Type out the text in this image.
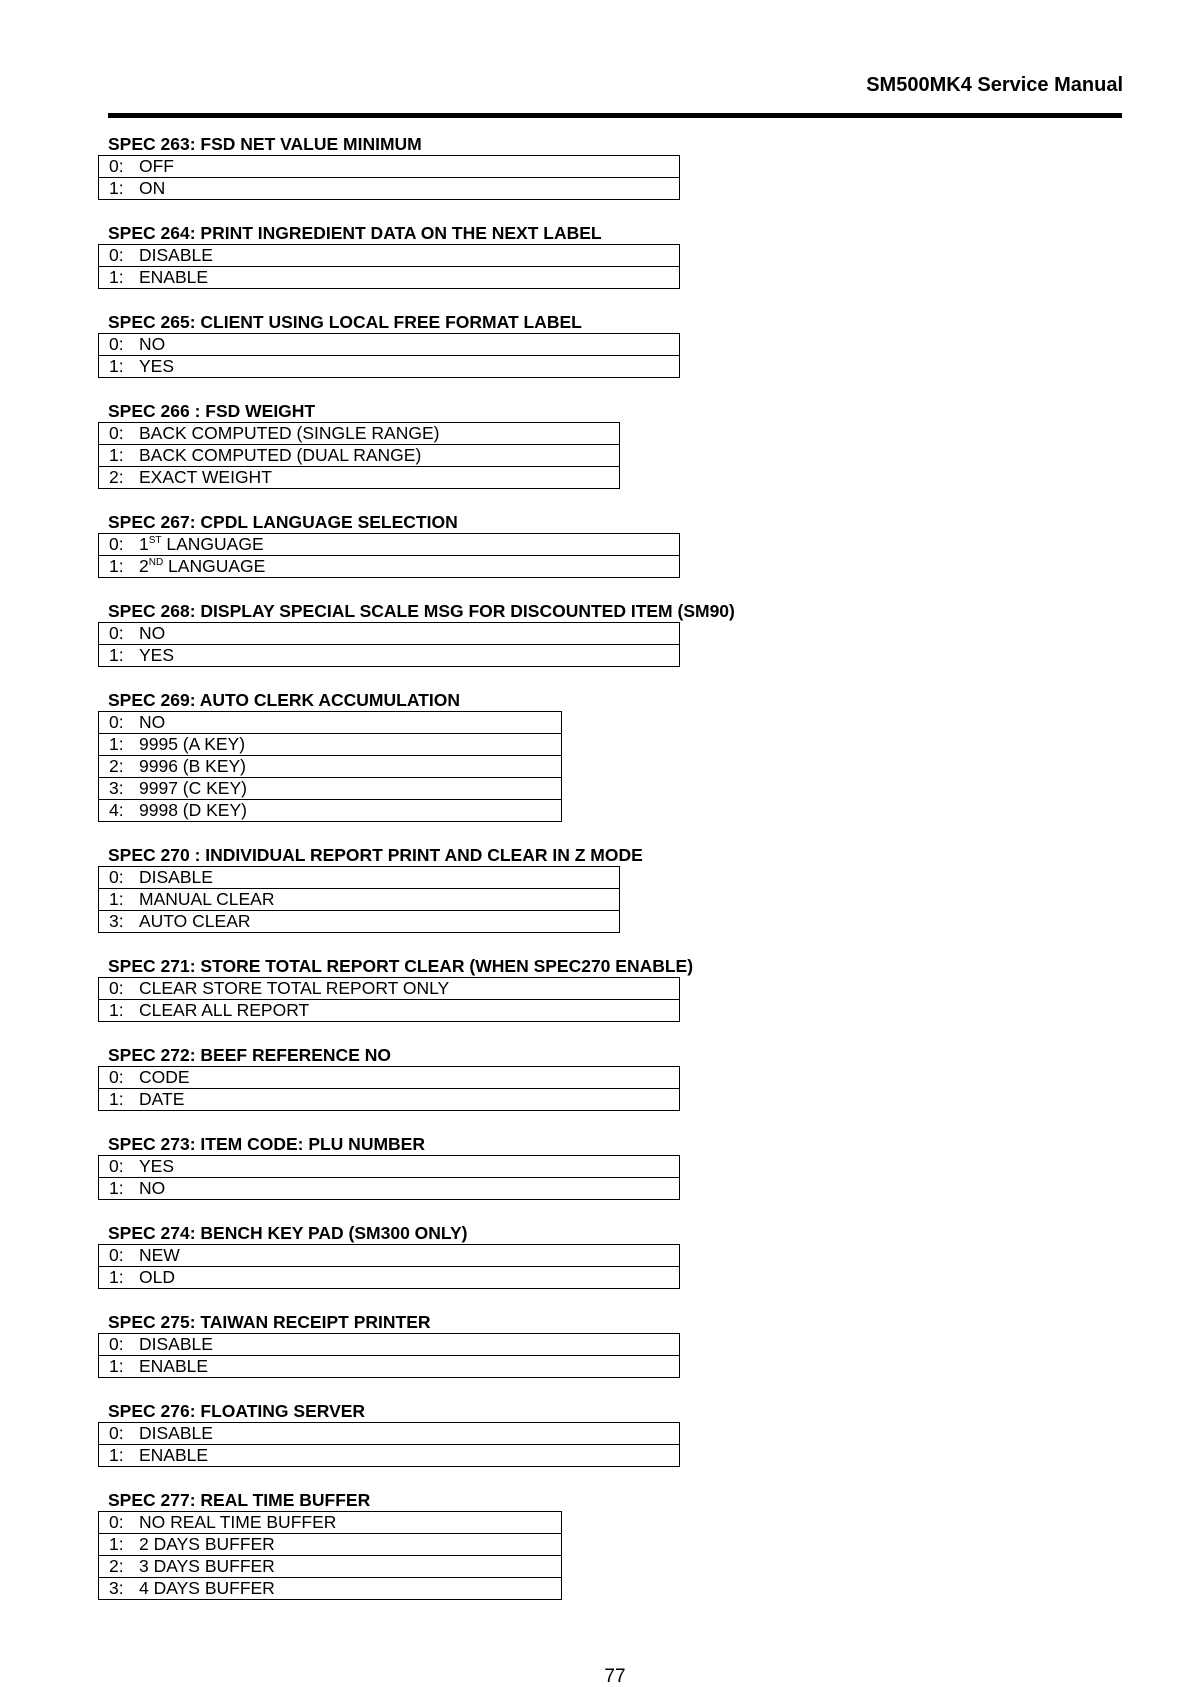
SM500MK4 Service Manual
SPEC 263: FSD NET VALUE MINIMUM
0: OFF
1: ON
SPEC 264: PRINT INGREDIENT DATA ON THE NEXT LABEL
0: DISABLE
1: ENABLE
SPEC 265: CLIENT USING LOCAL FREE FORMAT LABEL
0: NO
1: YES
SPEC 266 : FSD WEIGHT
0: BACK COMPUTED (SINGLE RANGE)
1: BACK COMPUTED (DUAL RANGE)
2: EXACT WEIGHT
SPEC 267: CPDL LANGUAGE SELECTION
0: 1ST LANGUAGE
1: 2ND LANGUAGE
SPEC 268: DISPLAY SPECIAL SCALE MSG FOR DISCOUNTED ITEM (SM90)
0: NO
1: YES
SPEC 269: AUTO CLERK ACCUMULATION
0: NO
1: 9995 (A KEY)
2: 9996 (B KEY)
3: 9997 (C KEY)
4: 9998 (D KEY)
SPEC 270 : INDIVIDUAL REPORT PRINT AND CLEAR IN Z MODE
0: DISABLE
1: MANUAL CLEAR
3: AUTO CLEAR
SPEC 271: STORE TOTAL REPORT CLEAR (WHEN SPEC270 ENABLE)
0: CLEAR STORE TOTAL REPORT ONLY
1: CLEAR ALL REPORT
SPEC 272: BEEF REFERENCE NO
0: CODE
1: DATE
SPEC 273: ITEM CODE: PLU NUMBER
0: YES
1: NO
SPEC 274: BENCH KEY PAD (SM300 ONLY)
0: NEW
1: OLD
SPEC 275: TAIWAN RECEIPT PRINTER
0: DISABLE
1: ENABLE
SPEC 276: FLOATING SERVER
0: DISABLE
1: ENABLE
SPEC 277: REAL TIME BUFFER
0: NO REAL TIME BUFFER
1: 2 DAYS BUFFER
2: 3 DAYS BUFFER
3: 4 DAYS BUFFER
77
